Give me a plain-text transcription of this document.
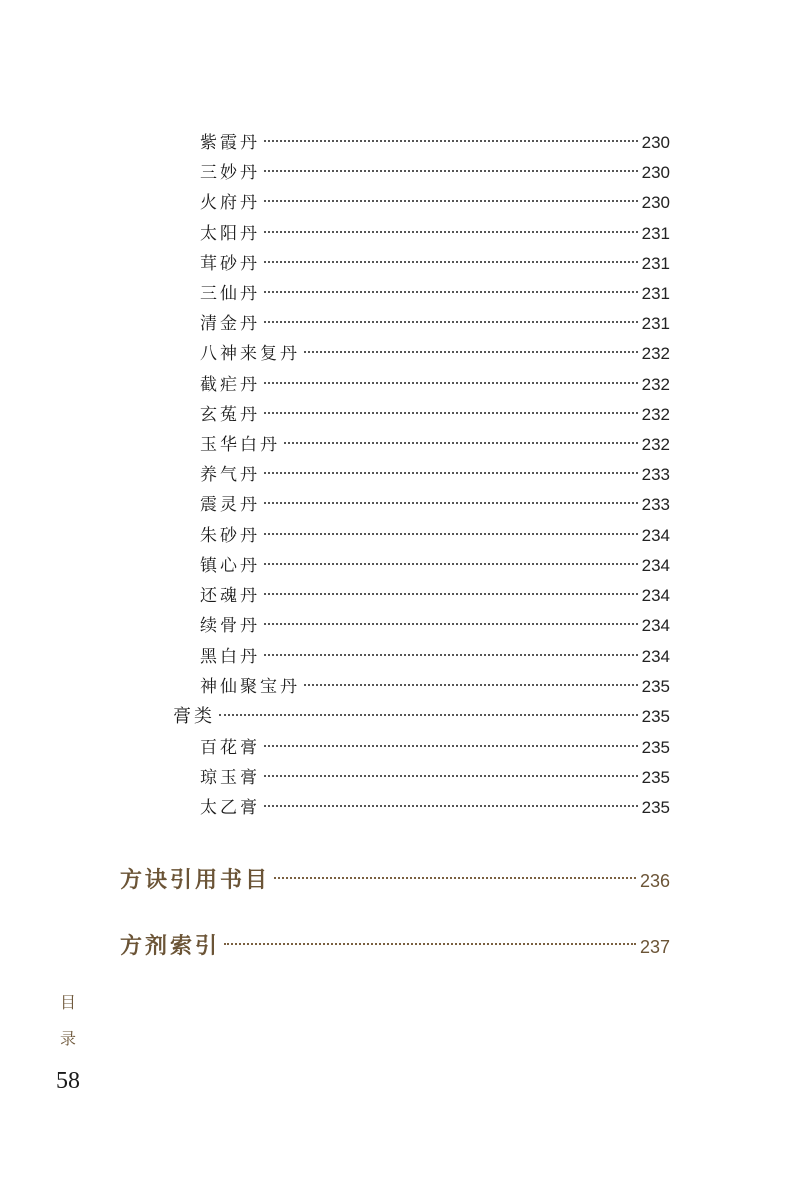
紫霞丹	230
三妙丹	230
火府丹	230
太阳丹	231
茸砂丹	231
三仙丹	231
清金丹	231
八神来复丹	232
截疟丹	232
玄菟丹	232
玉华白丹	232
养气丹	233
震灵丹	233
朱砂丹	234
镇心丹	234
还魂丹	234
续骨丹	234
黑白丹	234
神仙聚宝丹	235
膏类	235
百花膏	235
琼玉膏	235
太乙膏	235
方诀引用书目	236
方剂索引	237
目
录
58
